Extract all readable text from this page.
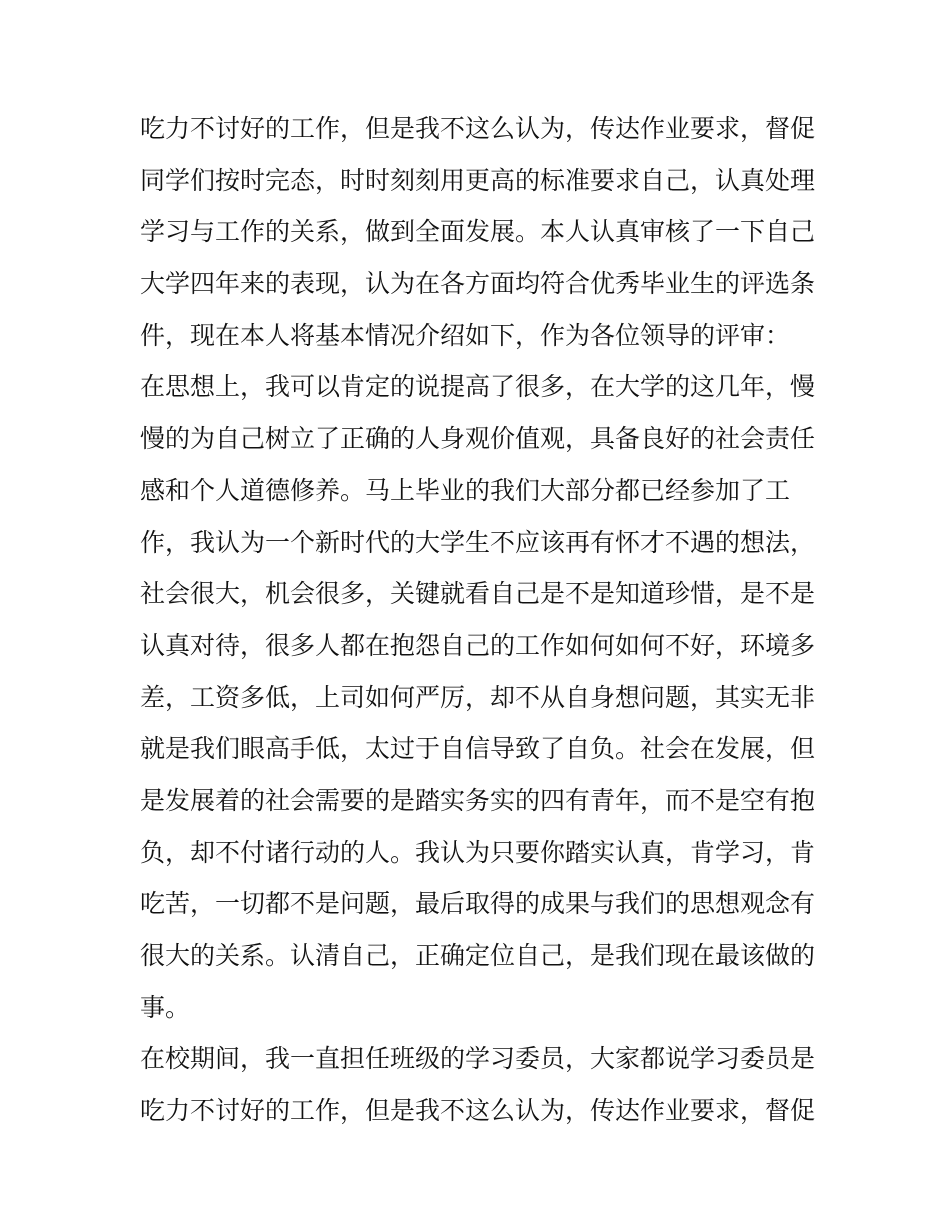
吃力不讨好的工作，但是我不这么认为，传达作业要求，督促
同学们按时完态，时时刻刻用更高的标准要求自己，认真处理
学习与工作的关系，做到全面发展。本人认真审核了一下自己
大学四年来的表现，认为在各方面均符合优秀毕业生的评选条
件，现在本人将基本情况介绍如下，作为各位领导的评审：
在思想上，我可以肯定的说提高了很多，在大学的这几年，慢
慢的为自己树立了正确的人身观价值观，具备良好的社会责任
感和个人道德修养。马上毕业的我们大部分都已经参加了工
作，我认为一个新时代的大学生不应该再有怀才不遇的想法，
社会很大，机会很多，关键就看自己是不是知道珍惜，是不是
认真对待，很多人都在抱怨自己的工作如何如何不好，环境多
差，工资多低，上司如何严厉，却不从自身想问题，其实无非
就是我们眼高手低，太过于自信导致了自负。社会在发展，但
是发展着的社会需要的是踏实务实的四有青年，而不是空有抱
负，却不付诸行动的人。我认为只要你踏实认真，肯学习，肯
吃苦，一切都不是问题，最后取得的成果与我们的思想观念有
很大的关系。认清自己，正确定位自己，是我们现在最该做的
事。
在校期间，我一直担任班级的学习委员，大家都说学习委员是
吃力不讨好的工作，但是我不这么认为，传达作业要求，督促
